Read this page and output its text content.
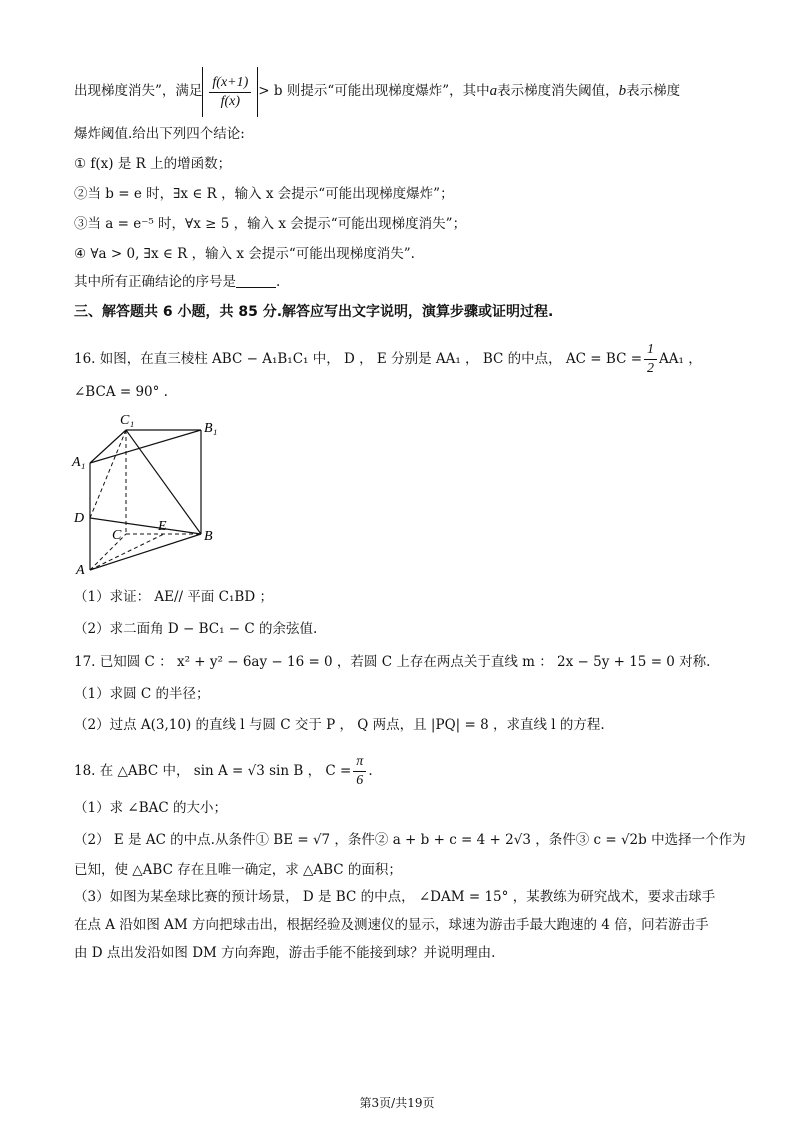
出现梯度消失”，满足 $\frac{f(x+1)}{f(x)} > b$ 则提示“可能出现梯度爆炸”，其中a表示梯度消失阈值，b表示梯度
爆炸阈值.给出下列四个结论:
① f(x) 是 R 上的增函数；
②当 b = e 时，∃x ∈ R ，输入 x 会提示“可能出现梯度爆炸”；
③当 a = e⁻⁵ 时，∀x ≥ 5 ，输入 x 会提示“可能出现梯度消失”；
④ ∀a > 0, ∃x ∈ R ，输入 x 会提示“可能出现梯度消失”.
其中所有正确结论的序号是	.
三、解答题共 6 小题，共 85 分.解答应写出文字说明，演算步骤或证明过程.
16. 如图，在直三棱柱 ABC − A₁B₁C₁ 中， D ， E 分别是 AA₁ ， BC 的中点， AC = BC = $\frac{1}{2} AA_1$ ，
∠BCA = 90° .
C₁
B₁
A₁
D
C
E
B
A
（1）求证： AE// 平面 C₁BD ；
（2）求二面角 D − BC₁ − C 的余弦值.
17. 已知圆 C ： x² + y² − 6ay − 16 = 0 ，若圆 C 上存在两点关于直线 m ： 2x − 5y + 15 = 0 对称.
（1）求圆 C 的半径；
（2）过点 A(3,10) 的直线 l 与圆 C 交于 P ， Q 两点，且 |PQ| = 8 ，求直线 l 的方程.
18. 在 △ABC 中， sin A = √3 sin B ， $C = \frac{\pi}{6}$ .
（1）求 ∠BAC 的大小；
（2） E 是 AC 的中点.从条件① BE = √7 ，条件② a + b + c = 4 + 2√3 ，条件③ c = √2b 中选择一个作为
已知，使 △ABC 存在且唯一确定，求 △ABC 的面积；
（3）如图为某垒球比赛的预计场景， D 是 BC 的中点， ∠DAM = 15° ，某教练为研究战术，要求击球手
在点 A 沿如图 AM 方向把球击出，根据经验及测速仪的显示，球速为游击手最大跑速的 4 倍，问若游击手
由 D 点出发沿如图 DM 方向奔跑，游击手能不能接到球？并说明理由.
第3页/共19页
